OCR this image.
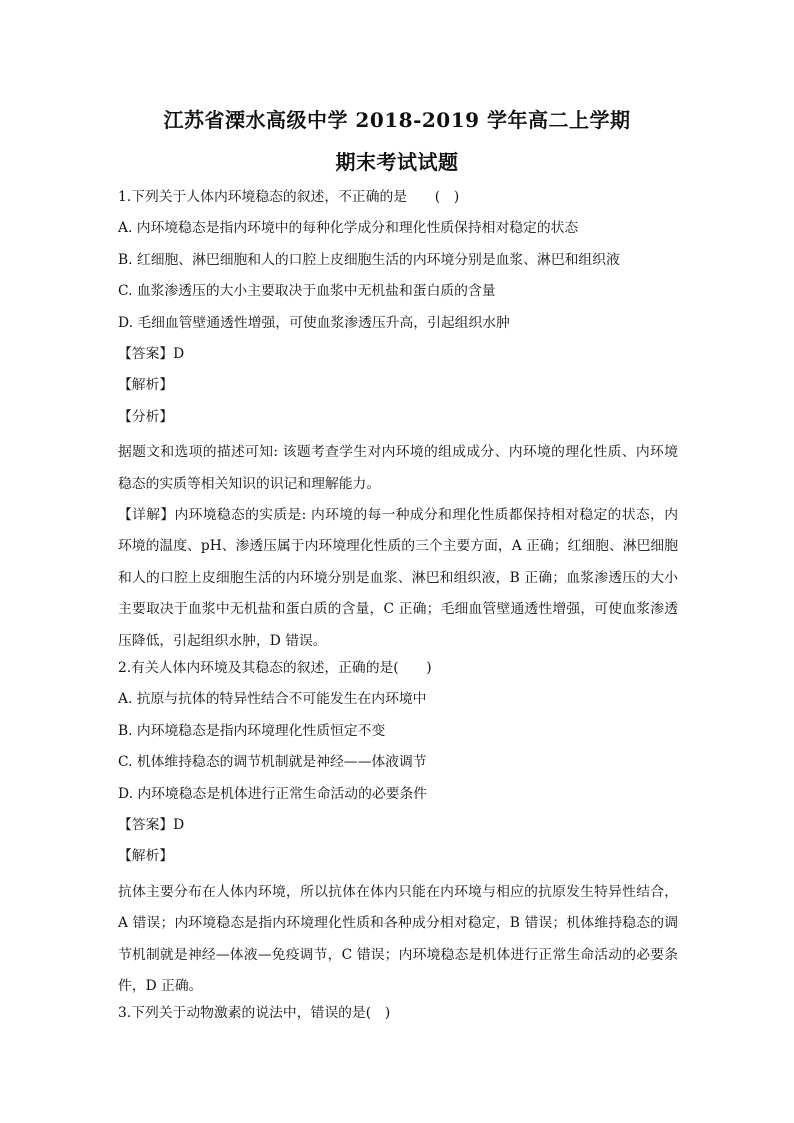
江苏省溧水高级中学 2018-2019 学年高二上学期
期末考试试题
1.下列关于人体内环境稳态的叙述，不正确的是　　(　)
A. 内环境稳态是指内环境中的每种化学成分和理化性质保持相对稳定的状态
B. 红细胞、淋巴细胞和人的口腔上皮细胞生活的内环境分别是血浆、淋巴和组织液
C. 血浆渗透压的大小主要取决于血浆中无机盐和蛋白质的含量
D. 毛细血管壁通透性增强，可使血浆渗透压升高，引起组织水肿
【答案】D
【解析】
【分析】
据题文和选项的描述可知: 该题考查学生对内环境的组成成分、内环境的理化性质、内环境稳态的实质等相关知识的识记和理解能力。
【详解】内环境稳态的实质是: 内环境的每一种成分和理化性质都保持相对稳定的状态，内环境的温度、pH、渗透压属于内环境理化性质的三个主要方面，A 正确；红细胞、淋巴细胞和人的口腔上皮细胞生活的内环境分别是血浆、淋巴和组织液，B 正确；血浆渗透压的大小主要取决于血浆中无机盐和蛋白质的含量，C 正确；毛细血管壁通透性增强，可使血浆渗透压降低，引起组织水肿，D 错误。
2.有关人体内环境及其稳态的叙述，正确的是(　　)
A. 抗原与抗体的特异性结合不可能发生在内环境中
B. 内环境稳态是指内环境理化性质恒定不变
C. 机体维持稳态的调节机制就是神经——体液调节
D. 内环境稳态是机体进行正常生命活动的必要条件
【答案】D
【解析】
抗体主要分布在人体内环境，所以抗体在体内只能在内环境与相应的抗原发生特异性结合，A 错误；内环境稳态是指内环境理化性质和各种成分相对稳定，B 错误；机体维持稳态的调节机制就是神经—体液—免疫调节，C 错误；内环境稳态是机体进行正常生命活动的必要条件，D 正确。
3.下列关于动物激素的说法中，错误的是(　)
